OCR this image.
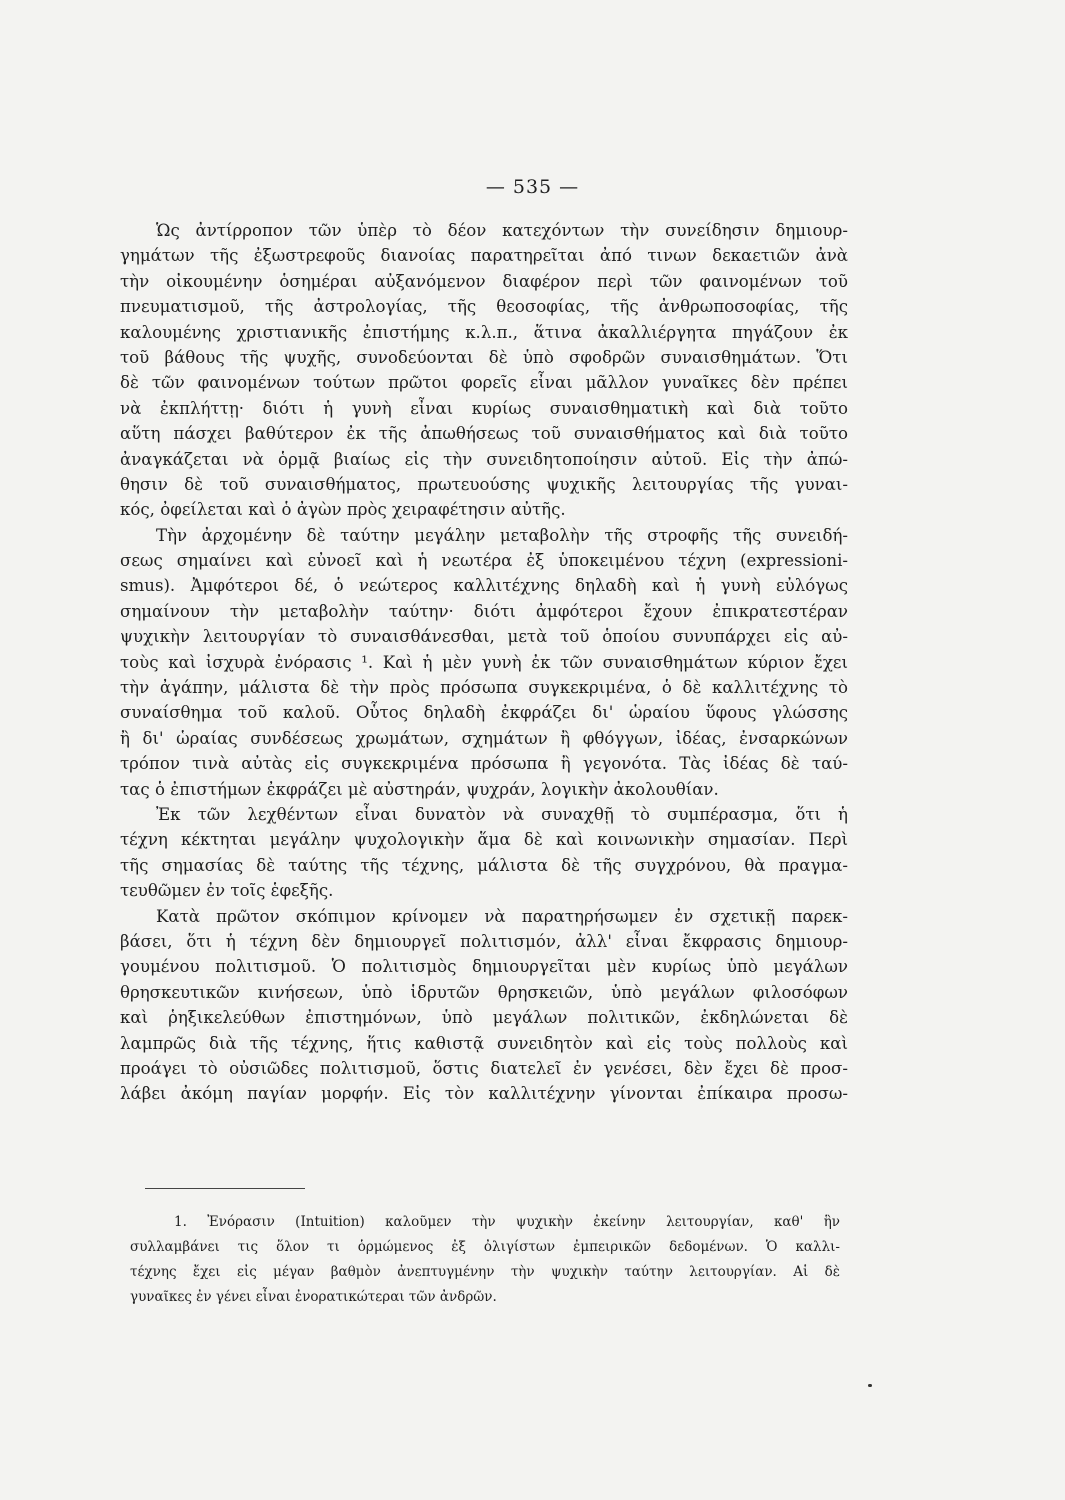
— 535 —
Ὡς ἀντίρροπον τῶν ὑπὲρ τὸ δέον κατεχόντων τὴν συνείδησιν δημιουρ-
γημάτων τῆς ἐξωστρεφοῦς διανοίας παρατηρεῖται ἀπό τινων δεκαετιῶν ἀνὰ
τὴν οἰκουμένην ὁσημέραι αὐξανόμενον διαφέρον περὶ τῶν φαινομένων τοῦ
πνευματισμοῦ, τῆς ἀστρολογίας, τῆς θεοσοφίας, τῆς ἀνθρωποσοφίας, τῆς
καλουμένης χριστιανικῆς ἐπιστήμης κ.λ.π., ἅτινα ἀκαλλιέργητα πηγάζουν ἐκ
τοῦ βάθους τῆς ψυχῆς, συνοδεύονται δὲ ὑπὸ σφοδρῶν συναισθημάτων. Ὅτι
δὲ τῶν φαινομένων τούτων πρῶτοι φορεῖς εἶναι μᾶλλον γυναῖκες δὲν πρέπει
νὰ ἐκπλήττῃ· διότι ἡ γυνὴ εἶναι κυρίως συναισθηματικὴ καὶ διὰ τοῦτο
αὕτη πάσχει βαθύτερον ἐκ τῆς ἀπωθήσεως τοῦ συναισθήματος καὶ διὰ τοῦτο
ἀναγκάζεται νὰ ὁρμᾷ βιαίως εἰς τὴν συνειδητοποίησιν αὐτοῦ. Εἰς τὴν ἀπώ-
θησιν δὲ τοῦ συναισθήματος, πρωτευούσης ψυχικῆς λειτουργίας τῆς γυναι-
κός, ὀφείλεται καὶ ὁ ἀγὼν πρὸς χειραφέτησιν αὐτῆς.
Τὴν ἀρχομένην δὲ ταύτην μεγάλην μεταβολὴν τῆς στροφῆς τῆς συνειδή-
σεως σημαίνει καὶ εὐνοεῖ καὶ ἡ νεωτέρα ἐξ ὑποκειμένου τέχνη (expressioni-
smus). Ἀμφότεροι δέ, ὁ νεώτερος καλλιτέχνης δηλαδὴ καὶ ἡ γυνὴ εὐλόγως
σημαίνουν τὴν μεταβολὴν ταύτην· διότι ἀμφότεροι ἔχουν ἐπικρατεστέραν
ψυχικὴν λειτουργίαν τὸ συναισθάνεσθαι, μετὰ τοῦ ὁποίου συνυπάρχει εἰς αὐ-
τοὺς καὶ ἰσχυρὰ ἐνόρασις ¹. Καὶ ἡ μὲν γυνὴ ἐκ τῶν συναισθημάτων κύριον ἔχει
τὴν ἀγάπην, μάλιστα δὲ τὴν πρὸς πρόσωπα συγκεκριμένα, ὁ δὲ καλλιτέχνης τὸ
συναίσθημα τοῦ καλοῦ. Οὗτος δηλαδὴ ἐκφράζει δι' ὡραίου ὕφους γλώσσης
ἢ δι' ὡραίας συνδέσεως χρωμάτων, σχημάτων ἢ φθόγγων, ἰδέας, ἐνσαρκώνων
τρόπον τινὰ αὐτὰς εἰς συγκεκριμένα πρόσωπα ἢ γεγονότα. Τὰς ἰδέας δὲ ταύ-
τας ὁ ἐπιστήμων ἐκφράζει μὲ αὐστηράν, ψυχράν, λογικὴν ἀκολουθίαν.
Ἐκ τῶν λεχθέντων εἶναι δυνατὸν νὰ συναχθῇ τὸ συμπέρασμα, ὅτι ἡ
τέχνη κέκτηται μεγάλην ψυχολογικὴν ἅμα δὲ καὶ κοινωνικὴν σημασίαν. Περὶ
τῆς σημασίας δὲ ταύτης τῆς τέχνης, μάλιστα δὲ τῆς συγχρόνου, θὰ πραγμα-
τευθῶμεν ἐν τοῖς ἑφεξῆς.
Κατὰ πρῶτον σκόπιμον κρίνομεν νὰ παρατηρήσωμεν ἐν σχετικῇ παρεκ-
βάσει, ὅτι ἡ τέχνη δὲν δημιουργεῖ πολιτισμόν, ἀλλ' εἶναι ἔκφρασις δημιουρ-
γουμένου πολιτισμοῦ. Ὁ πολιτισμὸς δημιουργεῖται μὲν κυρίως ὑπὸ μεγάλων
θρησκευτικῶν κινήσεων, ὑπὸ ἱδρυτῶν θρησκειῶν, ὑπὸ μεγάλων φιλοσόφων
καὶ ῥηξικελεύθων ἐπιστημόνων, ὑπὸ μεγάλων πολιτικῶν, ἐκδηλώνεται δὲ
λαμπρῶς διὰ τῆς τέχνης, ἥτις καθιστᾷ συνειδητὸν καὶ εἰς τοὺς πολλοὺς καὶ
προάγει τὸ οὐσιῶδες πολιτισμοῦ, ὅστις διατελεῖ ἐν γενέσει, δὲν ἔχει δὲ προσ-
λάβει ἀκόμη παγίαν μορφήν. Εἰς τὸν καλλιτέχνην γίνονται ἐπίκαιρα προσω-
1. Ἐνόρασιν (Intuition) καλοῦμεν τὴν ψυχικὴν ἐκείνην λειτουργίαν, καθ' ἣν
συλλαμβάνει τις ὅλον τι ὁρμώμενος ἐξ ὀλιγίστων ἐμπειρικῶν δεδομένων. Ὁ καλλι-
τέχνης ἔχει εἰς μέγαν βαθμὸν ἀνεπτυγμένην τὴν ψυχικὴν ταύτην λειτουργίαν. Αἱ δὲ
γυναῖκες ἐν γένει εἶναι ἐνορατικώτεραι τῶν ἀνδρῶν.
